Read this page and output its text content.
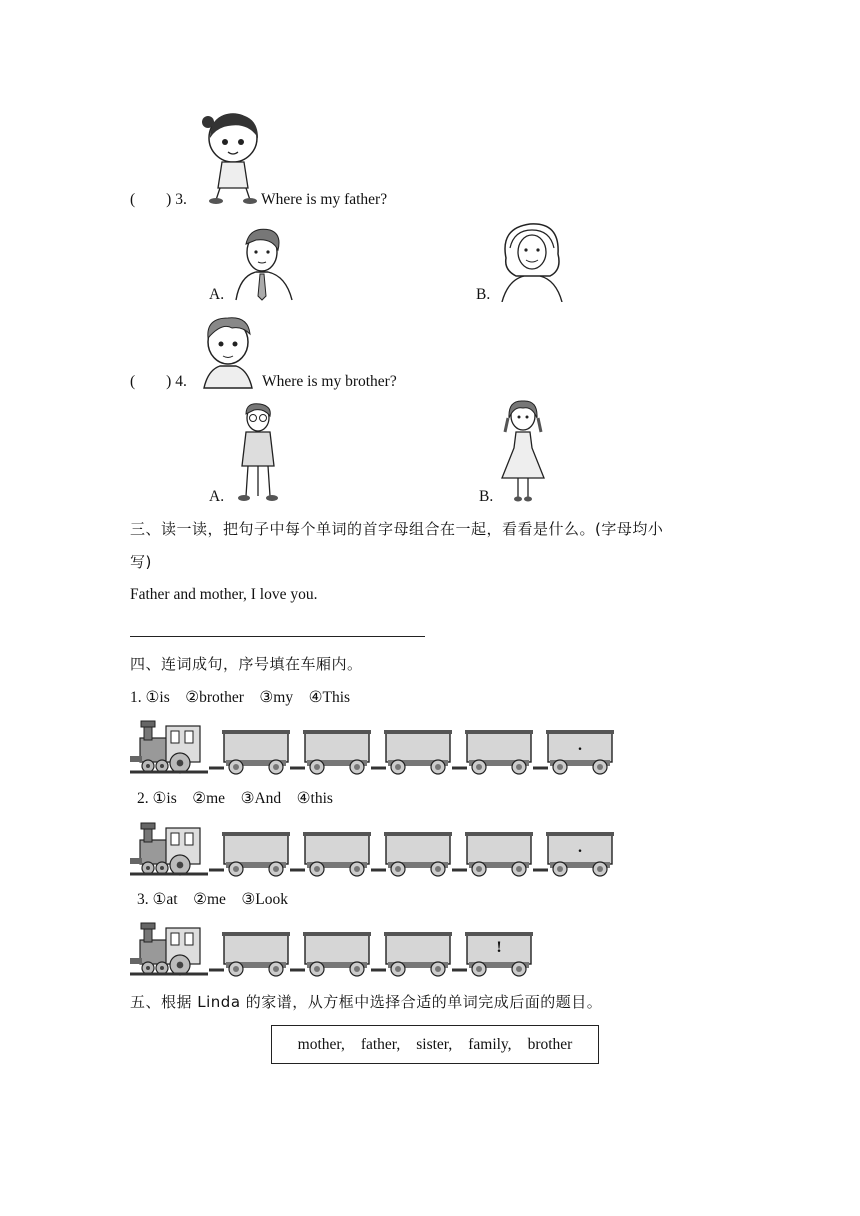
(        ) 3.	Where is my father?
A.	B.
(        ) 4.	Where is my brother?
A.	B.
三、读一读，把句子中每个单词的首字母组合在一起，看看是什么。(字母均小
写)
Father and mother, I love you.
四、连词成句，序号填在车厢内。
1. ①is    ②brother    ③my    ④This
.
2. ①is    ②me    ③And    ④this
.
3. ①at    ②me    ③Look
!
五、根据 Linda 的家谱，从方框中选择合适的单词完成后面的题目。
mother, father, sister, family, brother
